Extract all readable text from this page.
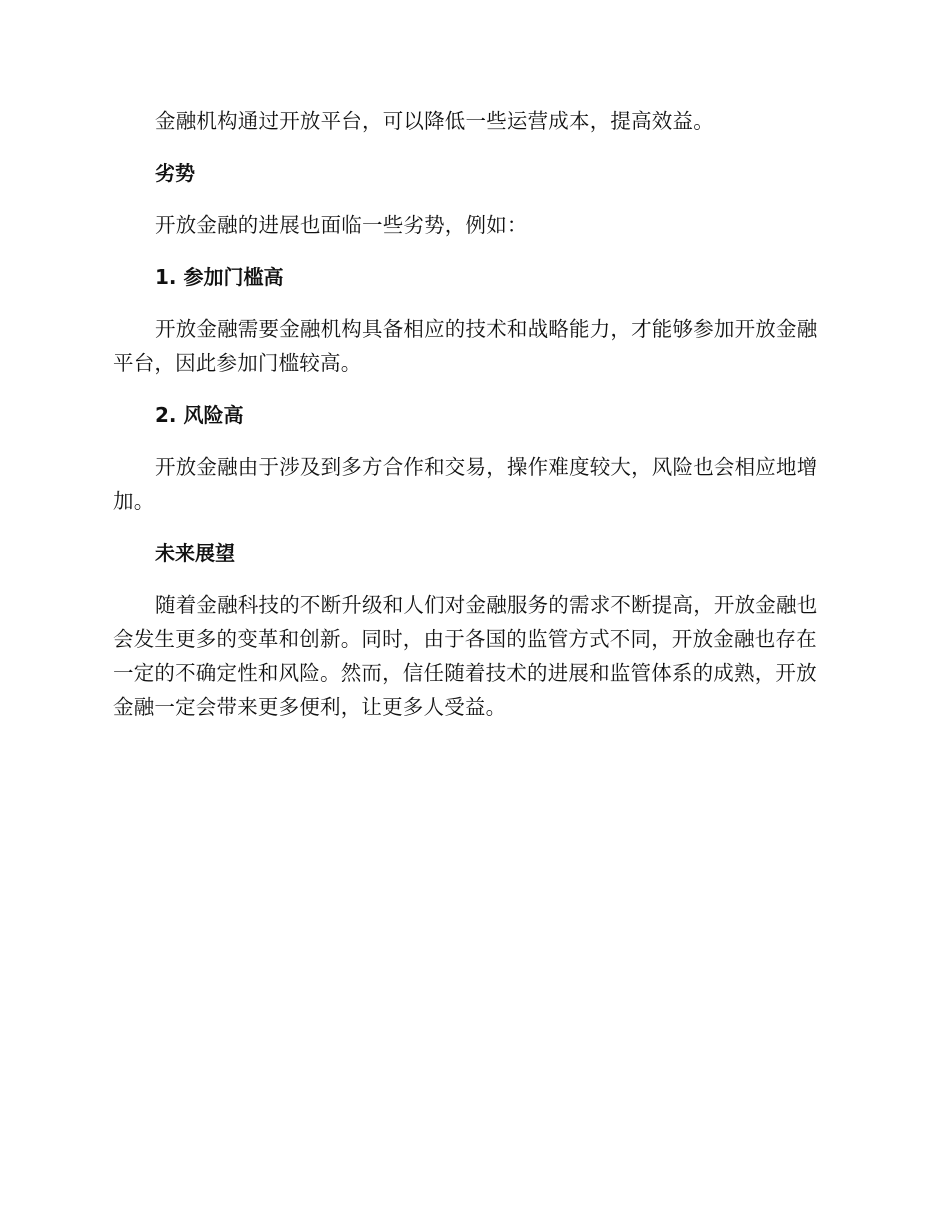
金融机构通过开放平台，可以降低一些运营成本，提高效益。

劣势

开放金融的进展也面临一些劣势，例如：

1. 参加门槛高

开放金融需要金融机构具备相应的技术和战略能力，才能够参加开放金融平台，因此参加门槛较高。

2. 风险高

开放金融由于涉及到多方合作和交易，操作难度较大，风险也会相应地增加。

未来展望

随着金融科技的不断升级和人们对金融服务的需求不断提高，开放金融也会发生更多的变革和创新。同时，由于各国的监管方式不同，开放金融也存在一定的不确定性和风险。然而，信任随着技术的进展和监管体系的成熟，开放金融一定会带来更多便利，让更多人受益。
